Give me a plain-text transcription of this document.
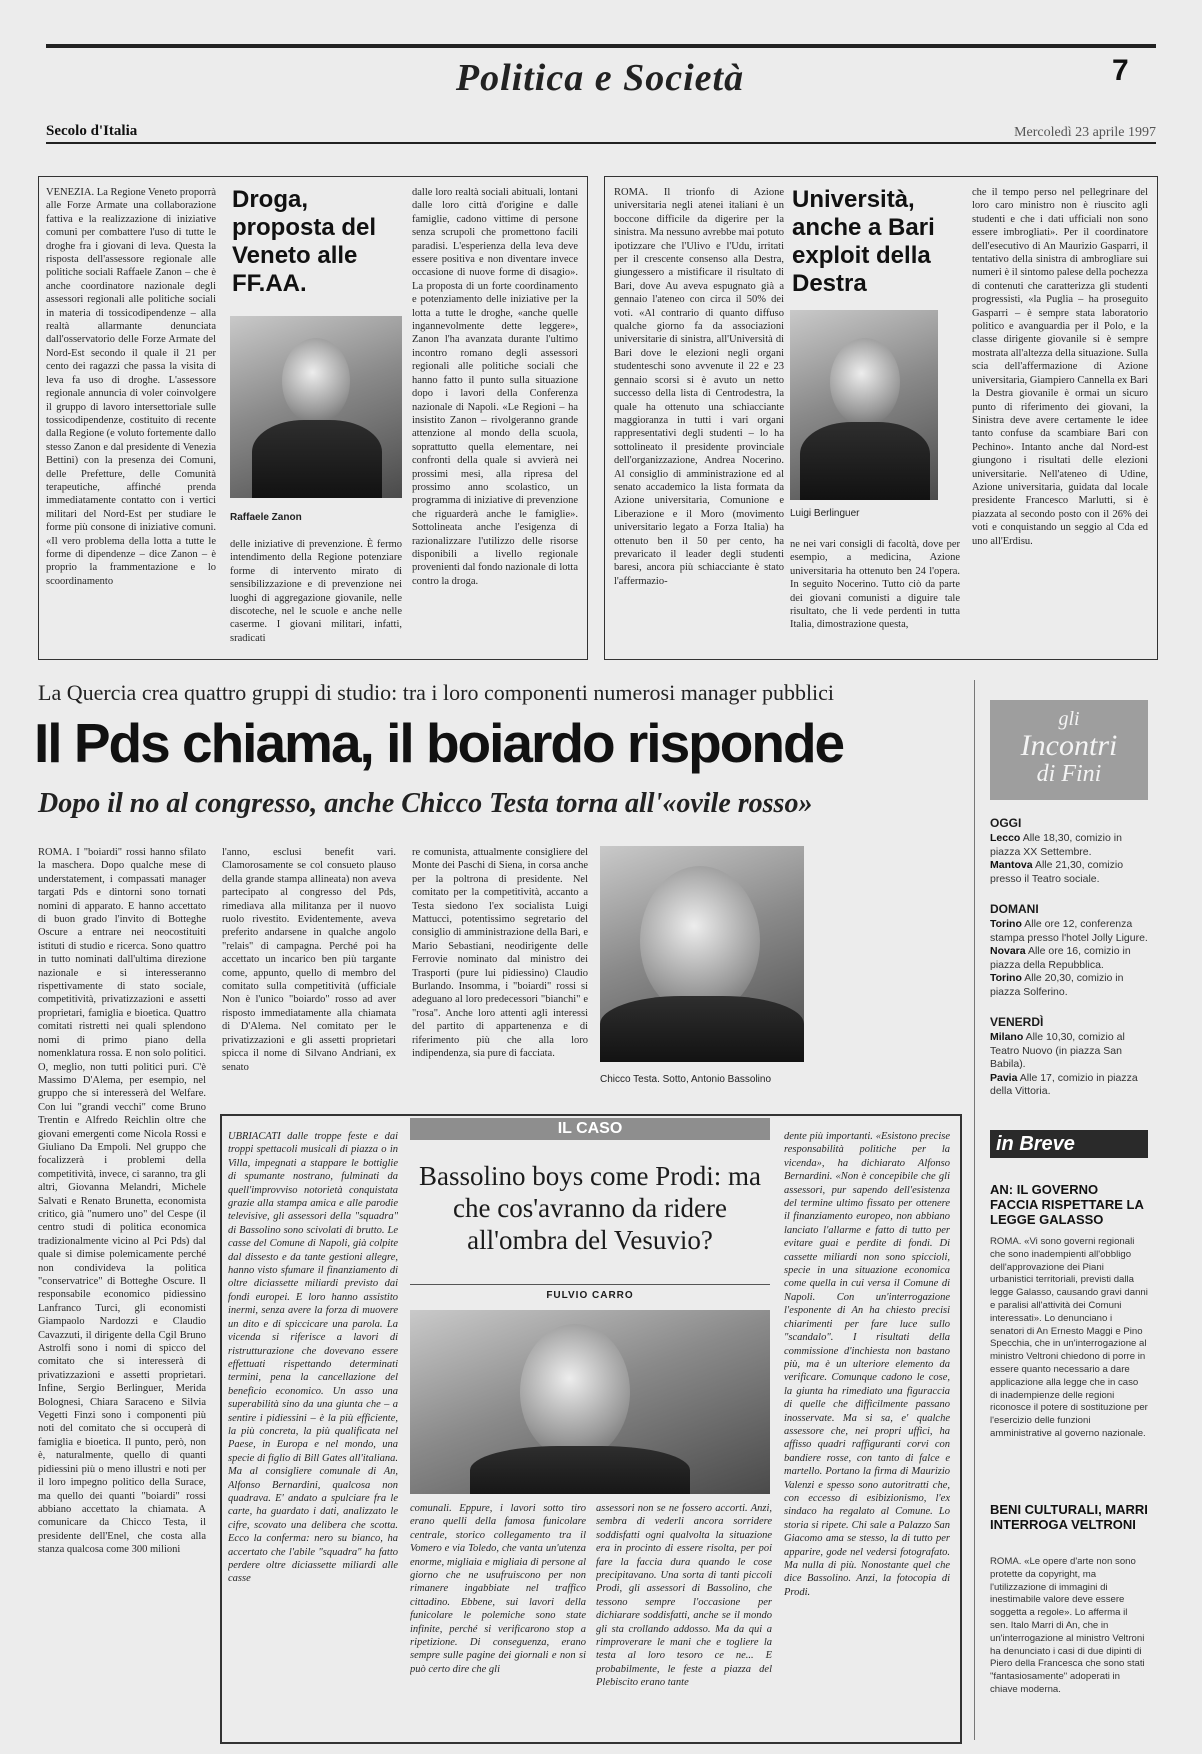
Politica e Società	7
Secolo d'Italia	Mercoledì 23 aprile 1997

VENEZIA. La Regione Veneto proporrà alle Forze Armate una collaborazione fattiva e la realizzazione di iniziative comuni per combattere l'uso di tutte le droghe fra i giovani di leva. Questa la risposta dell'assessore regionale alle politiche sociali Raffaele Zanon – che è anche coordinatore nazionale degli assessori regionali alle politiche sociali in materia di tossicodipendenze – alla realtà allarmante denunciata dall'osservatorio delle Forze Armate del Nord-Est secondo il quale il 21 per cento dei ragazzi che passa la visita di leva fa uso di droghe. L'assessore regionale annuncia di voler coinvolgere il gruppo di lavoro intersettoriale sulle tossicodipendenze, costituito di recente dalla Regione (e voluto fortemente dallo stesso Zanon e dal presidente di Venezia Bettini) con la presenza dei Comuni, delle Prefetture, delle Comunità terapeutiche, affinché prenda immediatamente contatto con i vertici militari del Nord-Est per studiare le forme più consone di iniziative comuni. «Il vero problema della lotta a tutte le forme di dipendenze – dice Zanon – è proprio la frammentazione e lo scoordinamento

Droga, proposta del Veneto alle FF.AA.
Raffaele Zanon

delle iniziative di prevenzione. È fermo intendimento della Regione potenziare forme di intervento mirato di sensibilizzazione e di prevenzione nei luoghi di aggregazione giovanile, nelle discoteche, nel le scuole e anche nelle caserme. I giovani militari, infatti, sradicati

dalle loro realtà sociali abituali, lontani dalle loro città d'origine e dalle famiglie, cadono vittime di persone senza scrupoli che promettono facili paradisi. L'esperienza della leva deve essere positiva e non diventare invece occasione di nuove forme di disagio». La proposta di un forte coordinamento e potenziamento delle iniziative per la lotta a tutte le droghe, «anche quelle ingannevolmente dette leggere», Zanon l'ha avanzata durante l'ultimo incontro romano degli assessori regionali alle politiche sociali che hanno fatto il punto sulla situazione dopo i lavori della Conferenza nazionale di Napoli. «Le Regioni – ha insistito Zanon – rivolgeranno grande attenzione al mondo della scuola, soprattutto quella elementare, nei confronti della quale si avvierà nei prossimi mesi, alla ripresa del prossimo anno scolastico, un programma di iniziative di prevenzione che riguarderà anche le famiglie». Sottolineata anche l'esigenza di razionalizzare l'utilizzo delle risorse disponibili a livello regionale provenienti dal fondo nazionale di lotta contro la droga.

ROMA. Il trionfo di Azione universitaria negli atenei italiani è un boccone difficile da digerire per la sinistra. Ma nessuno avrebbe mai potuto ipotizzare che l'Ulivo e l'Udu, irritati per il crescente consenso alla Destra, giungessero a mistificare il risultato di Bari, dove Au aveva espugnato già a gennaio l'ateneo con circa il 50% dei voti. «Al contrario di quanto diffuso qualche giorno fa da associazioni universitarie di sinistra, all'Università di Bari dove le elezioni negli organi studenteschi sono avvenute il 22 e 23 gennaio scorsi si è avuto un netto successo della lista di Centrodestra, la quale ha ottenuto una schiacciante maggioranza in tutti i vari organi rappresentativi degli studenti – lo ha sottolineato il presidente provinciale dell'organizzazione, Andrea Nocerino. Al consiglio di amministrazione ed al senato accademico la lista formata da Azione universitaria, Comunione e Liberazione e il Moro (movimento universitario legato a Forza Italia) ha ottenuto ben il 50 per cento, ha prevaricato il leader degli studenti baresi, ancora più schiacciante è stato l'affermazio-

Università, anche a Bari exploit della Destra
Luigi Berlinguer

ne nei vari consigli di facoltà, dove per esempio, a medicina, Azione universitaria ha ottenuto ben 24 l'opera. In seguito Nocerino. Tutto ciò da parte dei giovani comunisti a diguire tale risultato, che li vede perdenti in tutta Italia, dimostrazione questa,

che il tempo perso nel pellegrinare del loro caro ministro non è riuscito agli studenti e che i dati ufficiali non sono essere imbrogliati». Per il coordinatore dell'esecutivo di An Maurizio Gasparri, il tentativo della sinistra di ambrogliare sui numeri è il sintomo palese della pochezza di contenuti che caratterizza gli studenti progressisti, «la Puglia – ha proseguito Gasparri – è sempre stata laboratorio politico e avanguardia per il Polo, e la classe dirigente giovanile si è sempre mostrata all'altezza della situazione. Sulla scia dell'affermazione di Azione universitaria, Giampiero Cannella ex Bari la Destra giovanile è ormai un sicuro punto di riferimento dei giovani, la Sinistra deve avere certamente le idee tanto confuse da scambiare Bari con Pechino». Intanto anche dal Nord-est giungono i risultati delle elezioni universitarie. Nell'ateneo di Udine, Azione universitaria, guidata dal locale presidente Francesco Marlutti, si è piazzata al secondo posto con il 26% dei voti e conquistando un seggio al Cda ed uno all'Erdisu.

La Quercia crea quattro gruppi di studio: tra i loro componenti numerosi manager pubblici
Il Pds chiama, il boiardo risponde
Dopo il no al congresso, anche Chicco Testa torna all'«ovile rosso»

ROMA. I "boiardi" rossi hanno sfilato la maschera. Dopo qualche mese di understatement, i compassati manager targati Pds e dintorni sono tornati nomini di apparato. E hanno accettato di buon grado l'invito di Botteghe Oscure a entrare nei neocostituiti istituti di studio e ricerca. Sono quattro in tutto nominati dall'ultima direzione nazionale e si interesseranno rispettivamente di stato sociale, competitività, privatizzazioni e assetti proprietari, famiglia e bioetica. Quattro comitati ristretti nei quali splendono nomi di primo piano della nomenklatura rossa. E non solo politici. O, meglio, non tutti politici puri. C'è Massimo D'Alema, per esempio, nel gruppo che si interesserà del Welfare. Con lui "grandi vecchi" come Bruno Trentin e Alfredo Reichlin oltre che giovani emergenti come Nicola Rossi e Giuliano Da Empoli. Nel gruppo che focalizzerà i problemi della competitività, invece, ci saranno, tra gli altri, Giovanna Melandri, Michele Salvati e Renato Brunetta, economista critico, già "numero uno" del Cespe (il centro studi di politica economica tradizionalmente vicino al Pci Pds) dal quale si dimise polemicamente perché non condivideva la politica "conservatrice" di Botteghe Oscure. Il responsabile economico pidiessino Lanfranco Turci, gli economisti Giampaolo Nardozzi e Claudio Cavazzuti, il dirigente della Cgil Bruno Astrolfi sono i nomi di spicco del comitato che si interesserà di privatizzazioni e assetti proprietari. Infine, Sergio Berlinguer, Merida Bolognesi, Chiara Saraceno e Silvia Vegetti Finzi sono i componenti più noti del comitato che si occuperà di famiglia e bioetica. Il punto, però, non è, naturalmente, quello di quanti pidiessini più o meno illustri e noti per il loro impegno politico della Surace, ma quello dei quanti "boiardi" rossi abbiano accettato la chiamata. A comunicare da Chicco Testa, il presidente dell'Enel, che costa alla stanza qualcosa come 300 milioni

l'anno, esclusi benefit vari. Clamorosamente se col consueto plauso della grande stampa allineata) non aveva partecipato al congresso del Pds, rimediava alla militanza per il nuovo ruolo rivestito. Evidentemente, aveva preferito andarsene in qualche angolo "relais" di campagna. Perché poi ha accettato un incarico ben più targante come, appunto, quello di membro del comitato sulla competitività (ufficiale Non è l'unico "boiardo" rosso ad aver risposto immediatamente alla chiamata di D'Alema. Nel comitato per le privatizzazioni e gli assetti proprietari spicca il nome di Silvano Andriani, ex senato

re comunista, attualmente consigliere del Monte dei Paschi di Siena, in corsa anche per la poltrona di presidente. Nel comitato per la competitività, accanto a Testa siedono l'ex socialista Luigi Mattucci, potentissimo segretario del consiglio di amministrazione della Bari, e Mario Sebastiani, neodirigente delle Ferrovie nominato dal ministro dei Trasporti (pure lui pidiessino) Claudio Burlando. Insomma, i "boiardi" rossi si adeguano al loro predecessori "bianchi" e "rosa". Anche loro attenti agli interessi del partito di appartenenza e di riferimento più che alla loro indipendenza, sia pure di facciata.

Chicco Testa. Sotto, Antonio Bassolino
gli
Incontri
di Fini
OGGI
Lecco Alle 18,30, comizio in piazza XX Settembre.
Mantova Alle 21,30, comizio presso il Teatro sociale.
DOMANI
Torino Alle ore 12, conferenza stampa presso l'hotel Jolly Ligure.
Novara Alle ore 16, comizio in piazza della Repubblica.
Torino Alle 20,30, comizio in piazza Solferino.
VENERDÌ
Milano Alle 10,30, comizio al Teatro Nuovo (in piazza San Babila).
Pavia Alle 17, comizio in piazza della Vittoria.
in Breve
AN: IL GOVERNO FACCIA RISPETTARE LA LEGGE GALASSO
ROMA. «Vi sono governi regionali che sono inadempienti all'obbligo dell'approvazione dei Piani urbanistici territoriali, previsti dalla legge Galasso, causando gravi danni e paralisi all'attività dei Comuni interessati». Lo denunciano i senatori di An Ernesto Maggi e Pino Specchia, che in un'interrogazione al ministro Veltroni chiedono di porre in essere quanto necessario a dare applicazione alla legge che in caso di inadempienze delle regioni riconosce il potere di sostituzione per l'esercizio delle funzioni amministrative al governo nazionale.
BENI CULTURALI, MARRI INTERROGA VELTRONI
ROMA. «Le opere d'arte non sono protette da copyright, ma l'utilizzazione di immagini di inestimabile valore deve essere soggetta a regole». Lo afferma il sen. Italo Marri di An, che in un'interrogazione al ministro Veltroni ha denunciato i casi di due dipinti di Piero della Francesca che sono stati "fantasiosamente" adoperati in chiave moderna.
IL CASO

UBRIACATI dalle troppe feste e dai troppi spettacoli musicali di piazza o in Villa, impegnati a stappare le bottiglie di spumante nostrano, fulminati da quell'improvviso notorietà conquistata grazie alla stampa amica e alle parodie televisive, gli assessori della "squadra" di Bassolino sono scivolati di brutto. Le casse del Comune di Napoli, già colpite dal dissesto e da tante gestioni allegre, hanno visto sfumare il finanziamento di oltre diciassette miliardi previsto dai fondi europei. E loro hanno assistito inermi, senza avere la forza di muovere un dito e di spiccicare una parola. La vicenda si riferisce a lavori di ristrutturazione che dovevano essere effettuati rispettando determinati termini, pena la cancellazione del beneficio economico. Un asso una superabilità sino da una giunta che – a sentire i pidiessini – è la più efficiente, la più concreta, la più qualificata nel Paese, in Europa e nel mondo, una specie di figlio di Bill Gates all'italiana. Ma al consigliere comunale di An, Alfonso Bernardini, qualcosa non quadrava. E' andato a spulciare fra le carte, ha guardato i dati, analizzato le cifre, scovato una delibera che scotta. Ecco la conferma: nero su bianco, ha accertato che l'abile "squadra" ha fatto perdere oltre diciassette miliardi alle casse

Bassolino boys come Prodi: ma che cos'avranno da ridere all'ombra del Vesuvio?
FULVIO CARRO

comunali. Eppure, i lavori sotto tiro erano quelli della famosa funicolare centrale, storico collegamento tra il Vomero e via Toledo, che vanta un'utenza enorme, migliaia e migliaia di persone al giorno che ne usufruiscono per non rimanere ingabbiate nel traffico cittadino. Ebbene, sui lavori della funicolare le polemiche sono state infinite, perché si verificarono stop a ripetizione. Di conseguenza, erano sempre sulle pagine dei giornali e non si può certo dire che gli

assessori non se ne fossero accorti. Anzi, sembra di vederli ancora sorridere soddisfatti ogni qualvolta la situazione era in procinto di essere risolta, per poi fare la faccia dura quando le cose precipitavano. Una sorta di tanti piccoli Prodi, gli assessori di Bassolino, che tessono sempre l'occasione per dichiarare soddisfatti, anche se il mondo gli sta crollando addosso. Ma da qui a rimproverare le mani che e togliere la testa al loro tesoro ce ne... E probabilmente, le feste a piazza del Plebiscito erano tante

dente più importanti. «Esistono precise responsabilità politiche per la vicenda», ha dichiarato Alfonso Bernardini. «Non è concepibile che gli assessori, pur sapendo dell'esistenza del termine ultimo fissato per ottenere il finanziamento europeo, non abbiano lanciato l'allarme e fatto di tutto per evitare guai e perdite di fondi. Di cassette miliardi non sono spiccioli, specie in una situazione economica come quella in cui versa il Comune di Napoli. Con un'interrogazione l'esponente di An ha chiesto precisi chiarimenti per fare luce sullo "scandalo". I risultati della commissione d'inchiesta non bastano più, ma è un ulteriore elemento da verificare. Comunque cadono le cose, la giunta ha rimediato una figuraccia di quelle che difficilmente passano inosservate. Ma si sa, e' qualche assessore che, nei propri uffici, ha affisso quadri raffiguranti corvi con bandiere rosse, con tanto di falce e martello. Portano la firma di Maurizio Valenzi e spesso sono autoritratti che, con eccesso di esibizionismo, l'ex sindaco ha regalato al Comune. Lo storia si ripete. Chi sale a Palazzo San Giacomo ama se stesso, la di tutto per apparire, gode nel vedersi fotografato. Ma nulla di più. Nonostante quel che dice Bassolino. Anzi, la fotocopia di Prodi.
